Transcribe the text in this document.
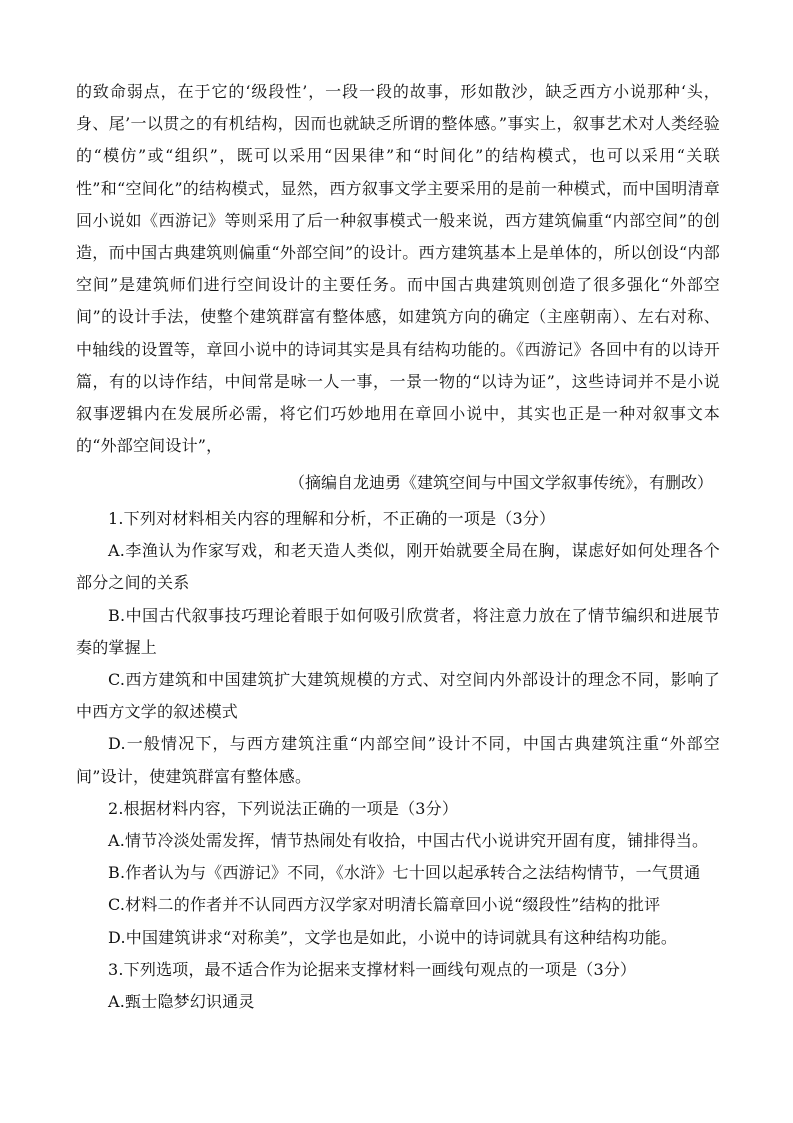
的致命弱点，在于它的‘级段性’，一段一段的故事，形如散沙，缺乏西方小说那种‘头，身、尾’一以贯之的有机结构，因而也就缺乏所谓的整体感。”事实上，叙事艺术对人类经验的“模仿”或“组织”，既可以采用“因果律”和“时间化”的结构模式，也可以采用“关联性”和“空间化”的结构模式，显然，西方叙事文学主要采用的是前一种模式，而中国明清章回小说如《西游记》等则采用了后一种叙事模式一般来说，西方建筑偏重“内部空间”的创造，而中国古典建筑则偏重“外部空间”的设计。西方建筑基本上是单体的，所以创设“内部空间”是建筑师们进行空间设计的主要任务。而中国古典建筑则创造了很多强化“外部空间”的设计手法，使整个建筑群富有整体感，如建筑方向的确定（主座朝南）、左右对称、中轴线的设置等，章回小说中的诗词其实是具有结构功能的。《西游记》各回中有的以诗开篇，有的以诗作结，中间常是咏一人一事，一景一物的“以诗为证”，这些诗词并不是小说叙事逻辑内在发展所必需，将它们巧妙地用在章回小说中，其实也正是一种对叙事文本的“外部空间设计”，

（摘编自龙迪勇《建筑空间与中国文学叙事传统》，有删改）

1.下列对材料相关内容的理解和分析，不正确的一项是（3分）

A.李渔认为作家写戏，和老天造人类似，刚开始就要全局在胸，谋虑好如何处理各个部分之间的关系

B.中国古代叙事技巧理论着眼于如何吸引欣赏者，将注意力放在了情节编织和进展节奏的掌握上

C.西方建筑和中国建筑扩大建筑规模的方式、对空间内外部设计的理念不同，影响了中西方文学的叙述模式

D.一般情况下，与西方建筑注重“内部空间”设计不同，中国古典建筑注重“外部空间”设计，使建筑群富有整体感。

2.根据材料内容，下列说法正确的一项是（3分）

A.情节冷淡处需发挥，情节热闹处有收拾，中国古代小说讲究开固有度，铺排得当。

B.作者认为与《西游记》不同，《水浒》七十回以起承转合之法结构情节，一气贯通

C.材料二的作者并不认同西方汉学家对明清长篇章回小说“缀段性”结构的批评

D.中国建筑讲求“对称美”，文学也是如此，小说中的诗词就具有这种结构功能。

3.下列选项，最不适合作为论据来支撑材料一画线句观点的一项是（3分）

A.甄士隐梦幻识通灵
